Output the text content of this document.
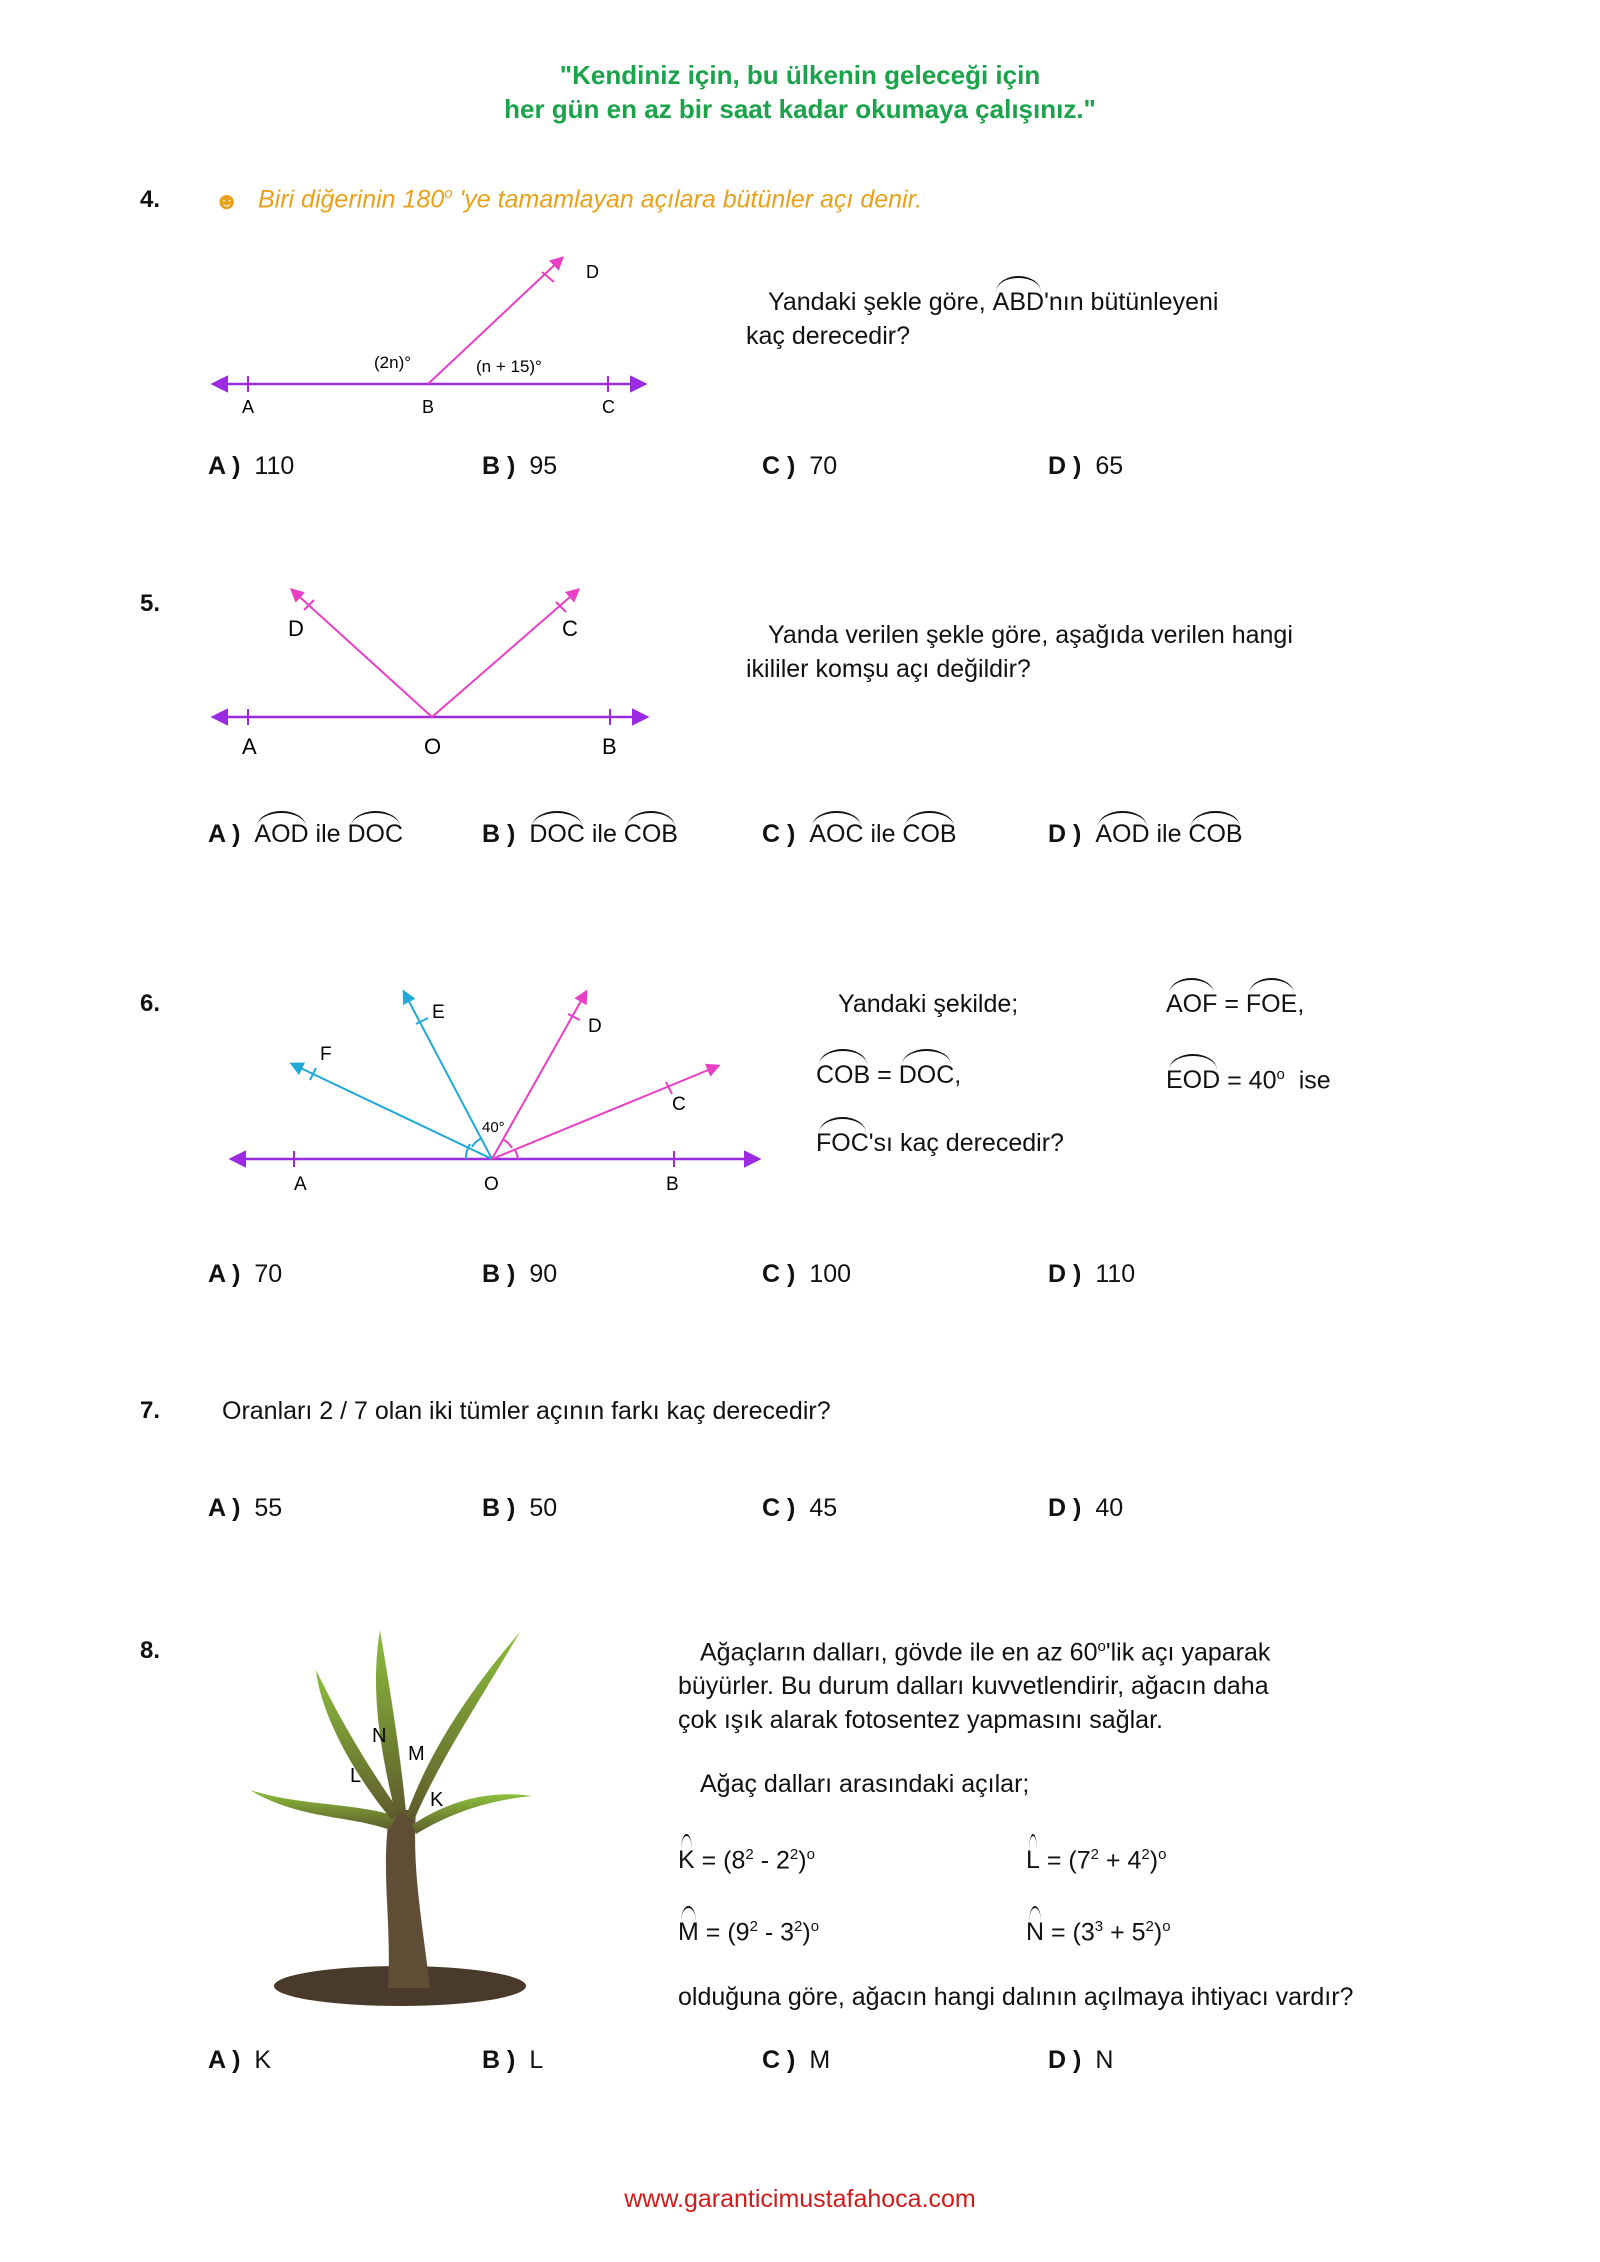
"Kendiniz için, bu ülkenin geleceği için
her gün en az bir saat kadar okumaya çalışınız."
4. ☻ Biri diğerinin 180$^o$ 'ye tamamlayan açılara bütünler açı denir.
A	B	C
D
(2n)°	(n + 15)°
Yandaki şekle göre, ABD'nın bütünleyeni
kaç derecedir?
A ) 110	B ) 95	C ) 70	D ) 65
5.
A	O	B
C
D	Yanda verilen şekle göre, aşağıda verilen hangi
ikililer komşu açı değildir?
A ) AOD ile DOC	B ) DOC ile COB	C ) AOC ile COB	D ) AOD ile COB
6.
A	O	B
C
D
E
F
40°
Yandaki şekilde;	AOF = FOE,
COB = DOC,	EOD = $40^o$  ise
FOC'sı kaç derecedir?
A ) 70	B ) 90	C ) 100	D ) 110
7. Oranları 2 / 7 olan iki tümler açının farkı kaç derecedir?
A ) 55	B ) 50	C ) 45	D ) 40
8.
N
M
L
K
Ağaçların dalları, gövde ile en az 60$^o$'lik açı yaparak
büyürler. Bu durum dalları kuvvetlendirir, ağacın daha
çok ışık alarak fotosentez yapmasını sağlar.
Ağaç dalları arasındaki açılar;
$K = (8^2 - 2^2)^o$	$L = (7^2 + 4^2)^o$
$M = (9^2 - 3^2)^o$	$N = (3^3 + 5^2)^o$
olduğuna göre, ağacın hangi dalının açılmaya ihtiyacı vardır?
A ) K	B ) L	C ) M	D ) N
www.garanticimustafahoca.com
